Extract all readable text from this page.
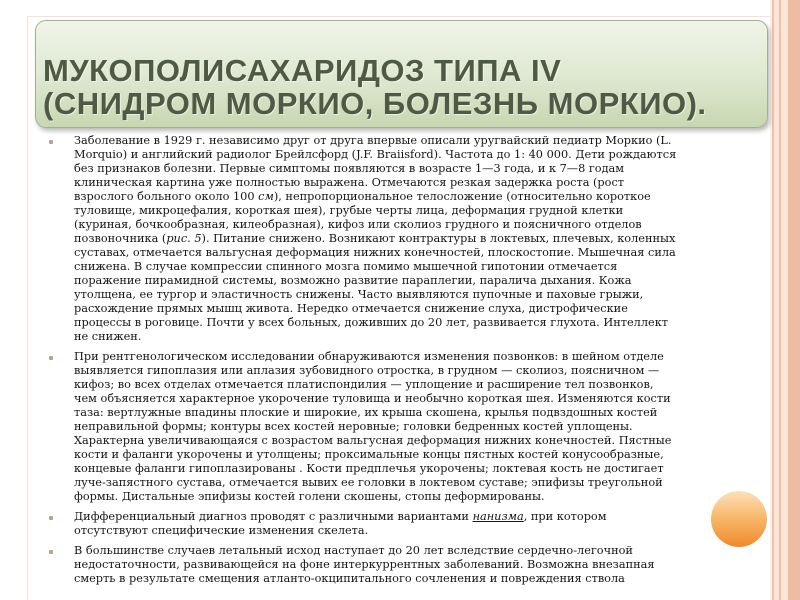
МУКОПОЛИСАХАРИДОЗ ТИПА IV
(СНИДРОМ МОРКИО, БОЛЕЗНЬ МОРКИО).
Заболевание в 1929 г. независимо друг от друга впервые описали уругвайский педиатр Моркио (L. Morquio) и английский радиолог Брейлсфорд (J.F. Braiisford). Частота до 1: 40 000. Дети рождаются без признаков болезни. Первые симптомы появляются в возрасте 1—3 года, и к 7—8 годам клиническая картина уже полностью выражена. Отмечаются резкая задержка роста (рост взрослого больного около 100 см), непропорциональное телосложение (относительно короткое туловище, микроцефалия, короткая шея), грубые черты лица, деформация грудной клетки (куриная, бочкообразная, килеобразная), кифоз или сколиоз грудного и поясничного отделов позвоночника (рис. 5). Питание снижено. Возникают контрактуры в локтевых, плечевых, коленных суставах, отмечается вальгусная деформация нижних конечностей, плоскостопие. Мышечная сила снижена. В случае компрессии спинного мозга помимо мышечной гипотонии отмечается поражение пирамидной системы, возможно развитие параплегии, паралича дыхания. Кожа утолщена, ее тургор и эластичность снижены. Часто выявляются пупочные и паховые грыжи, расхождение прямых мышц живота. Нередко отмечается снижение слуха, дистрофические процессы в роговице. Почти у всех больных, доживших до 20 лет, развивается глухота. Интеллект не снижен.
При рентгенологическом исследовании обнаруживаются изменения позвонков: в шейном отделе выявляется гипоплазия или аплазия зубовидного отростка, в грудном — сколиоз, поясничном — кифоз; во всех отделах отмечается платиспондилия — уплощение и расширение тел позвонков, чем объясняется характерное укорочение туловища и необычно короткая шея. Изменяются кости таза: вертлужные впадины плоские и широкие, их крыша скошена, крылья подвздошных костей неправильной формы; контуры всех костей неровные; головки бедренных костей уплощены. Характерна увеличивающаяся с возрастом вальгусная деформация нижних конечностей. Пястные кости и фаланги укорочены и утолщены; проксимальные концы пястных костей конусообразные, концевые фаланги гипоплазированы . Кости предплечья укорочены; локтевая кость не достигает луче-запястного сустава, отмечается вывих ее головки в локтевом суставе; эпифизы треугольной формы. Дистальные эпифизы костей голени скошены, стопы деформированы.
Дифференциальный диагноз проводят с различными вариантами нанизма, при котором отсутствуют специфические изменения скелета.
В большинстве случаев летальный исход наступает до 20 лет вследствие сердечно-легочной недостаточности, развивающейся на фоне интеркуррентных заболеваний. Возможна внезапная смерть в результате смещения атланто-окципитального сочленения и повреждения ствола
